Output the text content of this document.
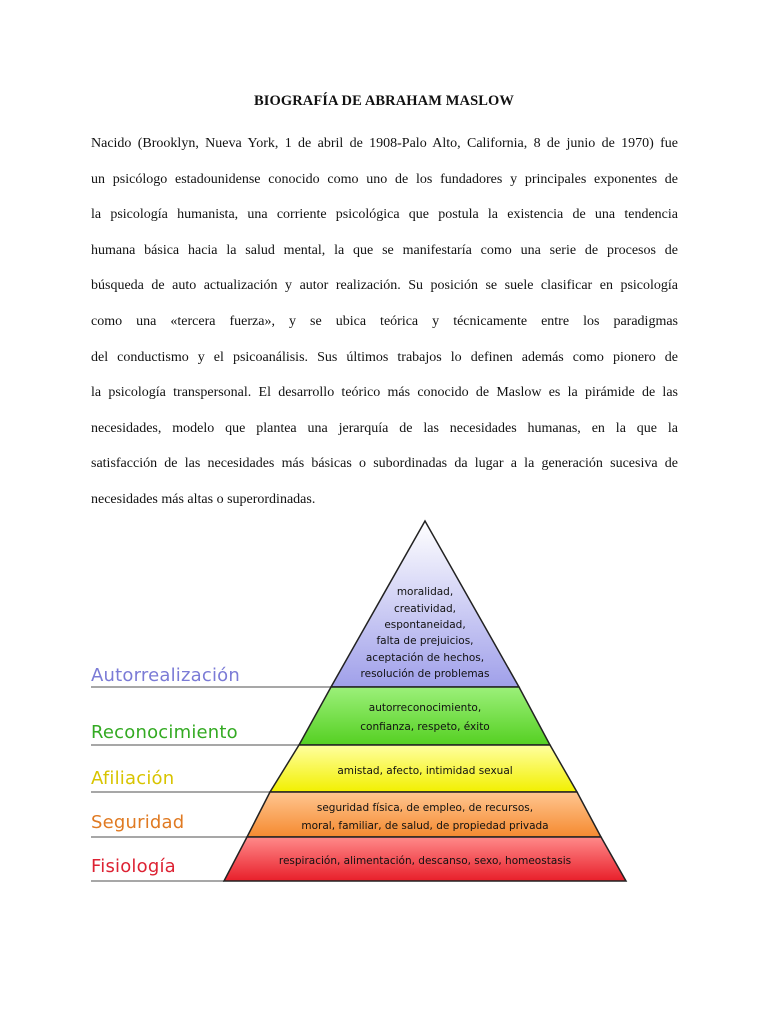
BIOGRAFÍA DE ABRAHAM MASLOW
Nacido (Brooklyn, Nueva York, 1 de abril de 1908-Palo Alto, California, 8 de junio de 1970) fue
un psicólogo estadounidense conocido como uno de los fundadores y principales exponentes de
la psicología humanista, una corriente psicológica que postula la existencia de una tendencia
humana básica hacia la salud mental, la que se manifestaría como una serie de procesos de
búsqueda de auto actualización y autor realización. Su posición se suele clasificar en psicología
como una «tercera fuerza», y se ubica teórica y técnicamente entre los paradigmas
del conductismo y el psicoanálisis. Sus últimos trabajos lo definen además como pionero de
la psicología transpersonal. El desarrollo teórico más conocido de Maslow es la pirámide de las
necesidades, modelo que plantea una jerarquía de las necesidades humanas, en la que la
satisfacción de las necesidades más básicas o subordinadas da lugar a la generación sucesiva de
necesidades más altas o superordinadas.
Autorrealización
Reconocimiento
Afiliación
Seguridad
Fisiología
moralidad,
creatividad,
espontaneidad,
falta de prejuicios,
aceptación de hechos,
resolución de problemas
autorreconocimiento,
confianza, respeto, éxito
amistad, afecto, intimidad sexual
seguridad física, de empleo, de recursos,
moral, familiar, de salud, de propiedad privada
respiración, alimentación, descanso, sexo, homeostasis
